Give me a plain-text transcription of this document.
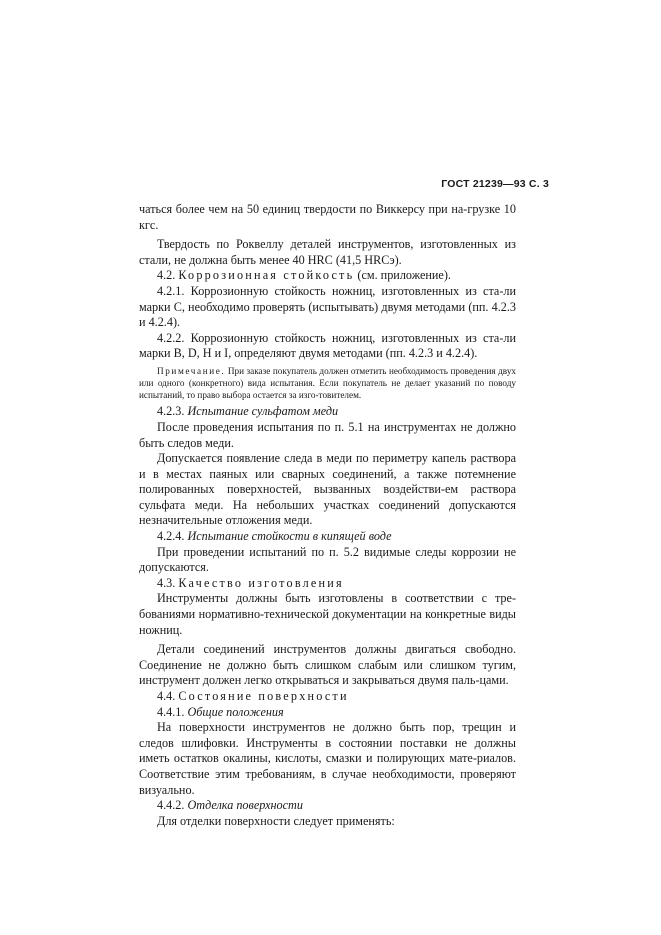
ГОСТ 21239—93 С. 3

чаться более чем на 50 единиц твердости по Виккерсу при на-грузке 10 кгс.

Твердость по Роквеллу деталей инструментов, изготовленных из стали, не должна быть менее 40 HRC (41,5 HRCэ).

4.2. Коррозионная стойкость (см. приложение).

4.2.1. Коррозионную стойкость ножниц, изготовленных из ста-ли марки С, необходимо проверять (испытывать) двумя методами (пп. 4.2.3 и 4.2.4).

4.2.2. Коррозионную стойкость ножниц, изготовленных из ста-ли марки B, D, H и I, определяют двумя методами (пп. 4.2.3 и 4.2.4).

Примечание. При заказе покупатель должен отметить необходимость проведения двух или одного (конкретного) вида испытания. Если покупатель не делает указаний по поводу испытаний, то право выбора остается за изго-товителем.

4.2.3. Испытание сульфатом меди

После проведения испытания по п. 5.1 на инструментах не должно быть следов меди.

Допускается появление следа в меди по периметру капель раствора и в местах паяных или сварных соединений, а также потемнение полированных поверхностей, вызванных воздействи-ем раствора сульфата меди. На небольших участках соединений допускаются незначительные отложения меди.

4.2.4. Испытание стойкости в кипящей воде

При проведении испытаний по п. 5.2 видимые следы коррозии не допускаются.

4.3. Качество изготовления

Инструменты должны быть изготовлены в соответствии с тре-бованиями нормативно-технической документации на конкретные виды ножниц.

Детали соединений инструментов должны двигаться свободно. Соединение не должно быть слишком слабым или слишком тугим, инструмент должен легко открываться и закрываться двумя паль-цами.

4.4. Состояние поверхности

4.4.1. Общие положения

На поверхности инструментов не должно быть пор, трещин и следов шлифовки. Инструменты в состоянии поставки не должны иметь остатков окалины, кислоты, смазки и полирующих мате-риалов. Соответствие этим требованиям, в случае необходимости, проверяют визуально.

4.4.2. Отделка поверхности

Для отделки поверхности следует применять:
